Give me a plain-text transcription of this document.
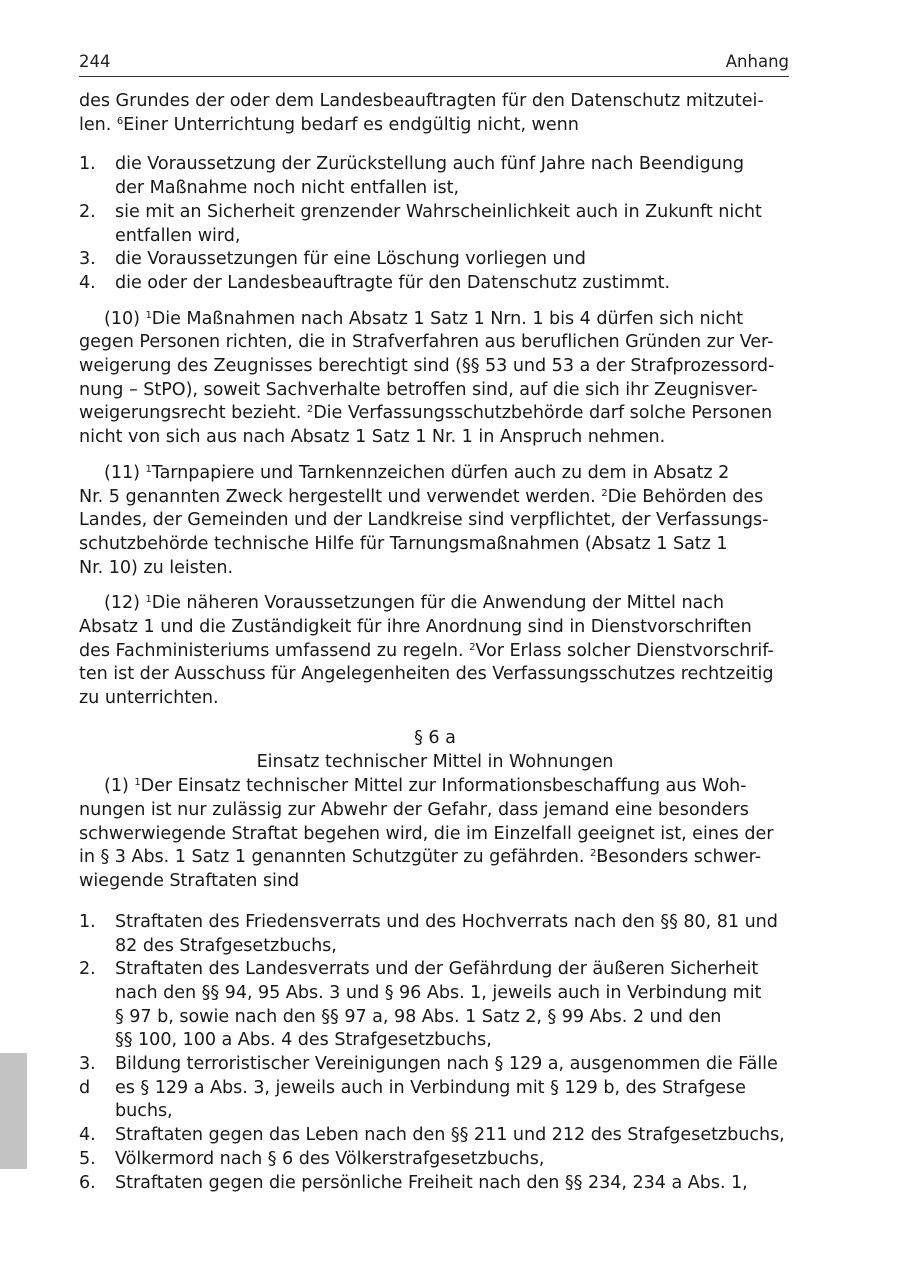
244	Anhang

des Grundes der oder dem Landesbeauftragten für den Datenschutz mitzutei-
len. $^6$Einer Unterrichtung bedarf es endgültig nicht, wenn

1. die Voraussetzung der Zurückstellung auch fünf Jahre nach Beendigung
der Maßnahme noch nicht entfallen ist,
2. sie mit an Sicherheit grenzender Wahrscheinlichkeit auch in Zukunft nicht
entfallen wird,
3. die Voraussetzungen für eine Löschung vorliegen und
4. die oder der Landesbeauftragte für den Datenschutz zustimmt.

(10) $^1$Die Maßnahmen nach Absatz 1 Satz 1 Nrn. 1 bis 4 dürfen sich nicht
gegen Personen richten, die in Strafverfahren aus beruflichen Gründen zur Ver-
weigerung des Zeugnisses berechtigt sind (§§ 53 und 53 a der Strafprozessord-
nung – StPO), soweit Sachverhalte betroffen sind, auf die sich ihr Zeugnisver-
weigerungsrecht bezieht. $^2$Die Verfassungsschutzbehörde darf solche Personen
nicht von sich aus nach Absatz 1 Satz 1 Nr. 1 in Anspruch nehmen.

(11) $^1$Tarnpapiere und Tarnkennzeichen dürfen auch zu dem in Absatz 2
Nr. 5 genannten Zweck hergestellt und verwendet werden. $^2$Die Behörden des
Landes, der Gemeinden und der Landkreise sind verpflichtet, der Verfassungs-
schutzbehörde technische Hilfe für Tarnungsmaßnahmen (Absatz 1 Satz 1
Nr. 10) zu leisten.

(12) $^1$Die näheren Voraussetzungen für die Anwendung der Mittel nach
Absatz 1 und die Zuständigkeit für ihre Anordnung sind in Dienstvorschriften
des Fachministeriums umfassend zu regeln. $^2$Vor Erlass solcher Dienstvorschrif-
ten ist der Ausschuss für Angelegenheiten des Verfassungsschutzes rechtzeitig
zu unterrichten.

§ 6 a

Einsatz technischer Mittel in Wohnungen

(1) $^1$Der Einsatz technischer Mittel zur Informationsbeschaffung aus Woh-
nungen ist nur zulässig zur Abwehr der Gefahr, dass jemand eine besonders
schwerwiegende Straftat begehen wird, die im Einzelfall geeignet ist, eines der
in § 3 Abs. 1 Satz 1 genannten Schutzgüter zu gefährden. $^2$Besonders schwer-
wiegende Straftaten sind

1. Straftaten des Friedensverrats und des Hochverrats nach den §§ 80, 81 und
82 des Strafgesetzbuchs,
2. Straftaten des Landesverrats und der Gefährdung der äußeren Sicherheit
nach den §§ 94, 95 Abs. 3 und § 96 Abs. 1, jeweils auch in Verbindung mit
§ 97 b, sowie nach den §§ 97 a, 98 Abs. 1 Satz 2, § 99 Abs. 2 und den
§§ 100, 100 a Abs. 4 des Strafgesetzbuchs,
3. Bildung terroristischer Vereinigungen nach § 129 a, ausgenommen die Fälle
d es § 129 a Abs. 3, jeweils auch in Verbindung mit § 129 b, des Strafgese
buchs,
4. Straftaten gegen das Leben nach den §§ 211 und 212 des Strafgesetzbuchs,
5. Völkermord nach § 6 des Völkerstrafgesetzbuchs,
6. Straftaten gegen die persönliche Freiheit nach den §§ 234, 234 a Abs. 1,
